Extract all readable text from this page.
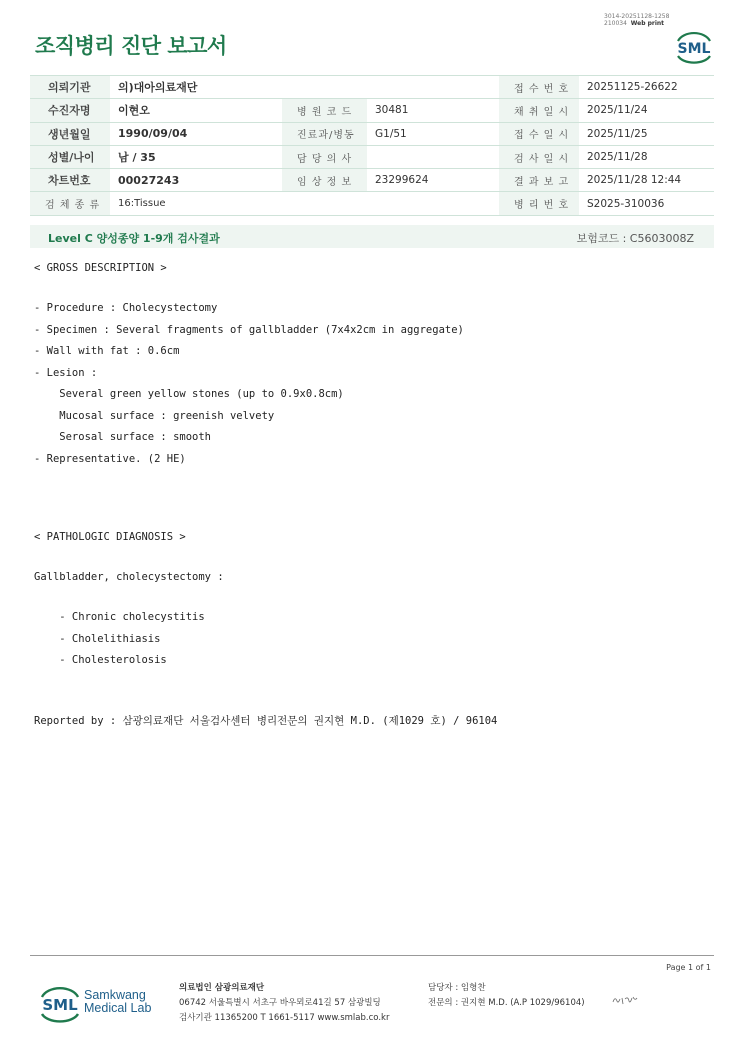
조직병리 진단 보고서
3014-20251128-1258
210034 Web print
SML
의뢰기관	의)대아의료재단			접 수 번 호	20251125-26622
수진자명	이현오	병 원 코 드	30481	채 취 일 시	2025/11/24
생년월일	1990/09/04	진료과/병동	G1/51	접 수 일 시	2025/11/25
성별/나이	남 / 35	담 당 의 사		검 사 일 시	2025/11/28
차트번호	00027243	임 상 정 보	23299624	결 과 보 고	2025/11/28 12:44
검 체 종 류	16:Tissue			병 리 번 호	S2025-310036
Level C 양성종양 1-9개 검사결과	보험코드 : C5603008Z
< GROSS DESCRIPTION >
- Procedure : Cholecystectomy
- Specimen : Several fragments of gallbladder (7x4x2cm in aggregate)
- Wall with fat : 0.6cm
- Lesion :
Several green yellow stones (up to 0.9x0.8cm)
Mucosal surface : greenish velvety
Serosal surface : smooth
- Representative. (2 HE)
< PATHOLOGIC DIAGNOSIS >
Gallbladder, cholecystectomy :
- Chronic cholecystitis
- Cholelithiasis
- Cholesterolosis
Reported by : 삼광의료재단 서울검사센터 병리전문의 권지현 M.D. (제1029 호) / 96104
Page 1 of 1
SML
Samkwang
Medical Lab
의료법인 삼광의료재단
06742 서울특별시 서초구 바우뫼로41길 57 삼광빌딩
검사기관 11365200 T 1661-5117 www.smlab.co.kr
담당자 : 임형찬
전문의 : 권지현 M.D. (A.P 1029/96104)
